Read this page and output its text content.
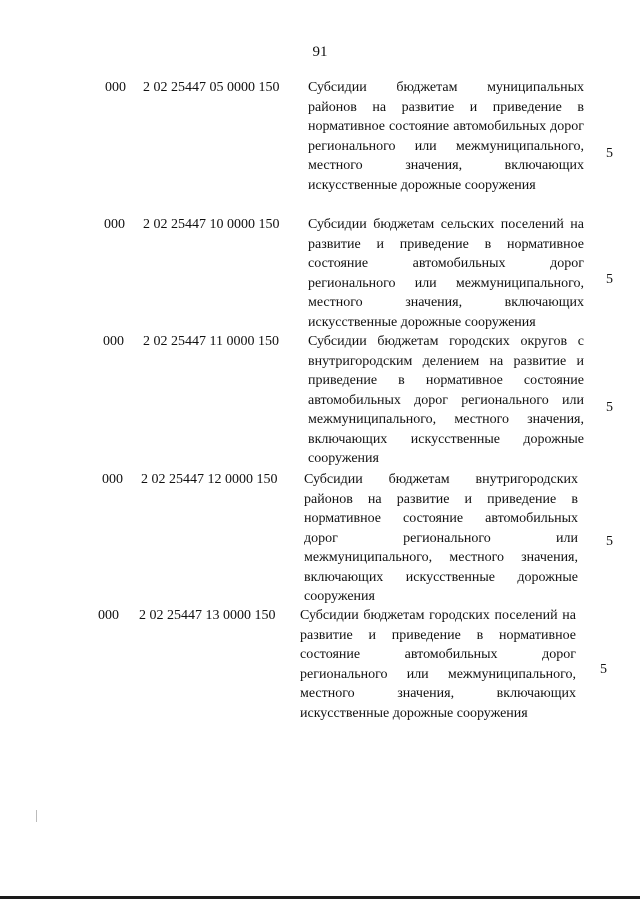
91
000 2 02 25447 05 0000 150 Субсидии бюджетам муниципальных районов на развитие и приведение в нормативное состояние автомобильных дорог регионального или межмуниципального, местного значения, включающих искусственные дорожные сооружения
5
000 2 02 25447 10 0000 150 Субсидии бюджетам сельских поселений на развитие и приведение в нормативное состояние автомобильных дорог регионального или межмуниципального, местного значения, включающих искусственные дорожные сооружения
5
000 2 02 25447 11 0000 150 Субсидии бюджетам городских округов с внутригородским делением на развитие и приведение в нормативное состояние автомобильных дорог регионального или межмуниципального, местного значения, включающих искусственные дорожные сооружения
5
000 2 02 25447 12 0000 150 Субсидии бюджетам внутригородских районов на развитие и приведение в нормативное состояние автомобильных дорог регионального или межмуниципального, местного значения, включающих искусственные дорожные сооружения
5
000 2 02 25447 13 0000 150 Субсидии бюджетам городских поселений на развитие и приведение в нормативное состояние автомобильных дорог регионального или межмуниципального, местного значения, включающих искусственные дорожные сооружения
5
